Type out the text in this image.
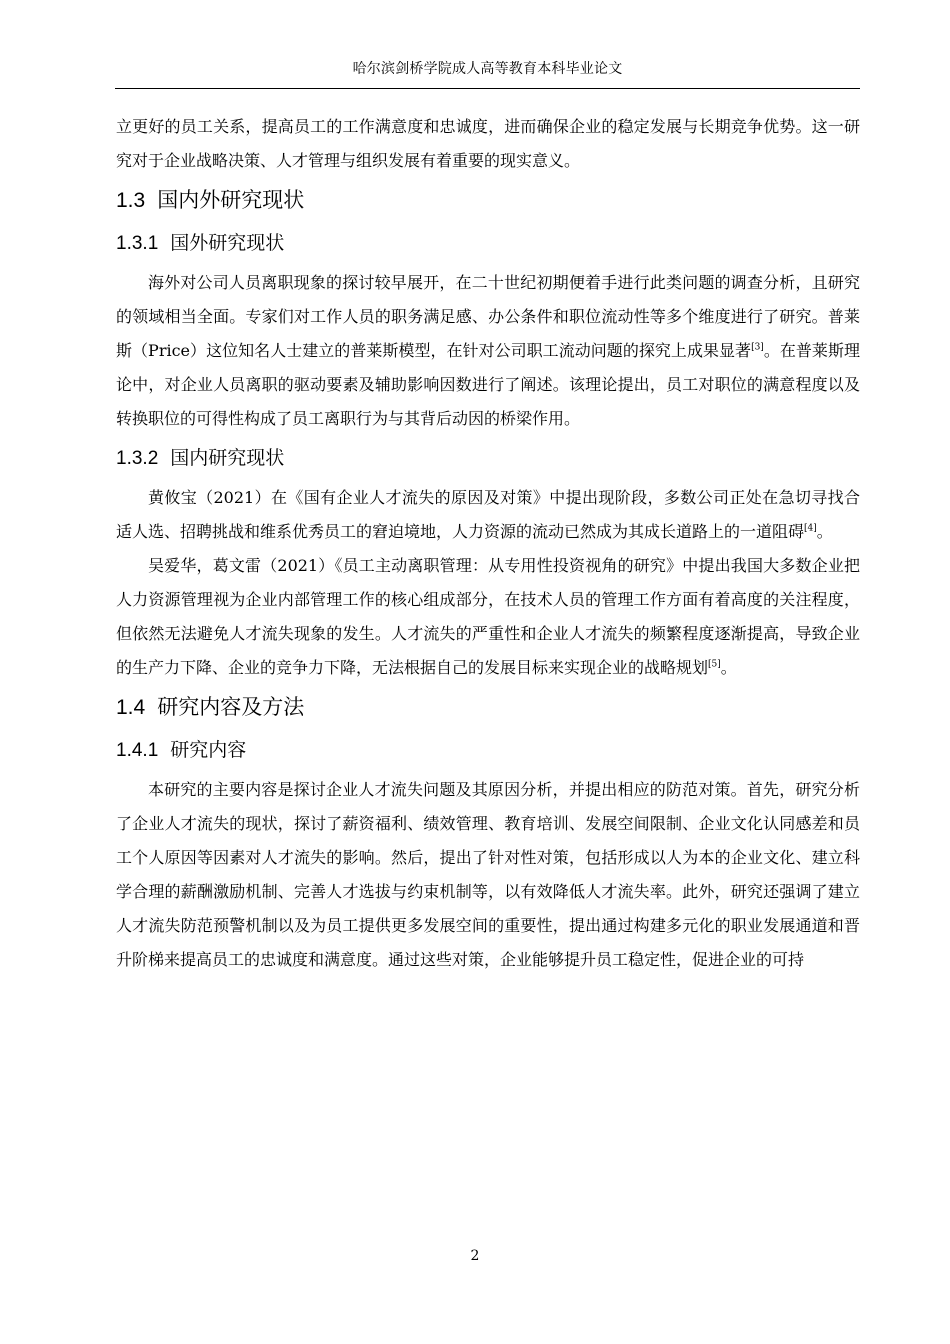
哈尔滨剑桥学院成人高等教育本科毕业论文

立更好的员工关系，提高员工的工作满意度和忠诚度，进而确保企业的稳定发展与长期竞争优势。这一研究对于企业战略决策、人才管理与组织发展有着重要的现实意义。

1.3 国内外研究现状
1.3.1 国外研究现状

海外对公司人员离职现象的探讨较早展开，在二十世纪初期便着手进行此类问题的调查分析，且研究的领域相当全面。专家们对工作人员的职务满足感、办公条件和职位流动性等多个维度进行了研究。普莱斯（Price）这位知名人士建立的普莱斯模型，在针对公司职工流动问题的探究上成果显著[3]。在普莱斯理论中，对企业人员离职的驱动要素及辅助影响因数进行了阐述。该理论提出，员工对职位的满意程度以及转换职位的可得性构成了员工离职行为与其背后动因的桥梁作用。

1.3.2 国内研究现状

黄攸宝（2021）在《国有企业人才流失的原因及对策》中提出现阶段，多数公司正处在急切寻找合适人选、招聘挑战和维系优秀员工的窘迫境地，人力资源的流动已然成为其成长道路上的一道阻碍[4]。

吴爱华，葛文雷（2021）《员工主动离职管理：从专用性投资视角的研究》中提出我国大多数企业把人力资源管理视为企业内部管理工作的核心组成部分，在技术人员的管理工作方面有着高度的关注程度，但依然无法避免人才流失现象的发生。人才流失的严重性和企业人才流失的频繁程度逐渐提高，导致企业的生产力下降、企业的竞争力下降，无法根据自己的发展目标来实现企业的战略规划[5]。

1.4 研究内容及方法
1.4.1 研究内容

本研究的主要内容是探讨企业人才流失问题及其原因分析，并提出相应的防范对策。首先，研究分析了企业人才流失的现状，探讨了薪资福利、绩效管理、教育培训、发展空间限制、企业文化认同感差和员工个人原因等因素对人才流失的影响。然后，提出了针对性对策，包括形成以人为本的企业文化、建立科学合理的薪酬激励机制、完善人才选拔与约束机制等，以有效降低人才流失率。此外，研究还强调了建立人才流失防范预警机制以及为员工提供更多发展空间的重要性，提出通过构建多元化的职业发展通道和晋升阶梯来提高员工的忠诚度和满意度。通过这些对策，企业能够提升员工稳定性，促进企业的可持

2
